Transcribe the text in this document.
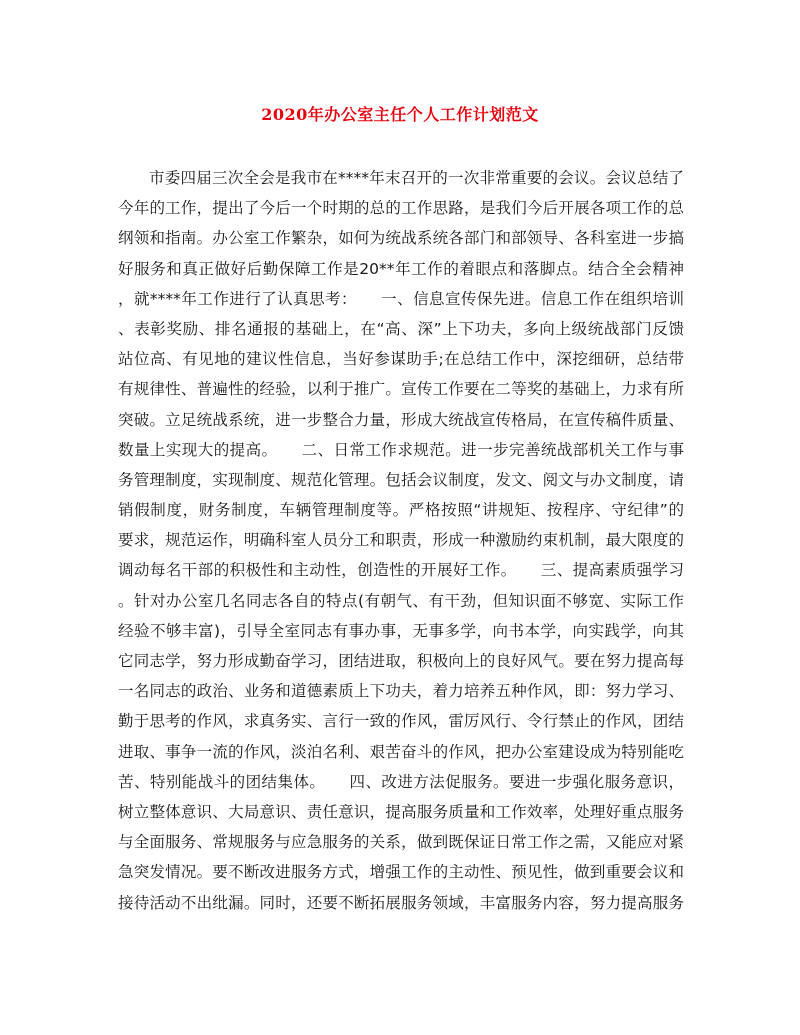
2020年办公室主任个人工作计划范文
市委四届三次全会是我市在****年末召开的一次非常重要的会议。会议总结了
今年的工作，提出了今后一个时期的总的工作思路，是我们今后开展各项工作的总
纲领和指南。办公室工作繁杂，如何为统战系统各部门和部领导、各科室进一步搞
好服务和真正做好后勤保障工作是20**年工作的着眼点和落脚点。结合全会精神
，就****年工作进行了认真思考：　　一、信息宣传保先进。信息工作在组织培训
、表彰奖励、排名通报的基础上，在“高、深”上下功夫，多向上级统战部门反馈
站位高、有见地的建议性信息，当好参谋助手;在总结工作中，深挖细研，总结带
有规律性、普遍性的经验，以利于推广。宣传工作要在二等奖的基础上，力求有所
突破。立足统战系统，进一步整合力量，形成大统战宣传格局，在宣传稿件质量、
数量上实现大的提高。　　二、日常工作求规范。进一步完善统战部机关工作与事
务管理制度，实现制度、规范化管理。包括会议制度，发文、阅文与办文制度，请
销假制度，财务制度，车辆管理制度等。严格按照“讲规矩、按程序、守纪律”的
要求，规范运作，明确科室人员分工和职责，形成一种激励约束机制，最大限度的
调动每名干部的积极性和主动性，创造性的开展好工作。　　三、提高素质强学习
。针对办公室几名同志各自的特点(有朝气、有干劲，但知识面不够宽、实际工作
经验不够丰富)，引导全室同志有事办事，无事多学，向书本学，向实践学，向其
它同志学，努力形成勤奋学习，团结进取，积极向上的良好风气。要在努力提高每
一名同志的政治、业务和道德素质上下功夫，着力培养五种作风，即：努力学习、
勤于思考的作风，求真务实、言行一致的作风，雷厉风行、令行禁止的作风，团结
进取、事争一流的作风，淡泊名利、艰苦奋斗的作风，把办公室建设成为特别能吃
苦、特别能战斗的团结集体。　　四、改进方法促服务。要进一步强化服务意识，
树立整体意识、大局意识、责任意识，提高服务质量和工作效率，处理好重点服务
与全面服务、常规服务与应急服务的关系，做到既保证日常工作之需，又能应对紧
急突发情况。要不断改进服务方式，增强工作的主动性、预见性，做到重要会议和
接待活动不出纰漏。同时，还要不断拓展服务领域，丰富服务内容，努力提高服务
